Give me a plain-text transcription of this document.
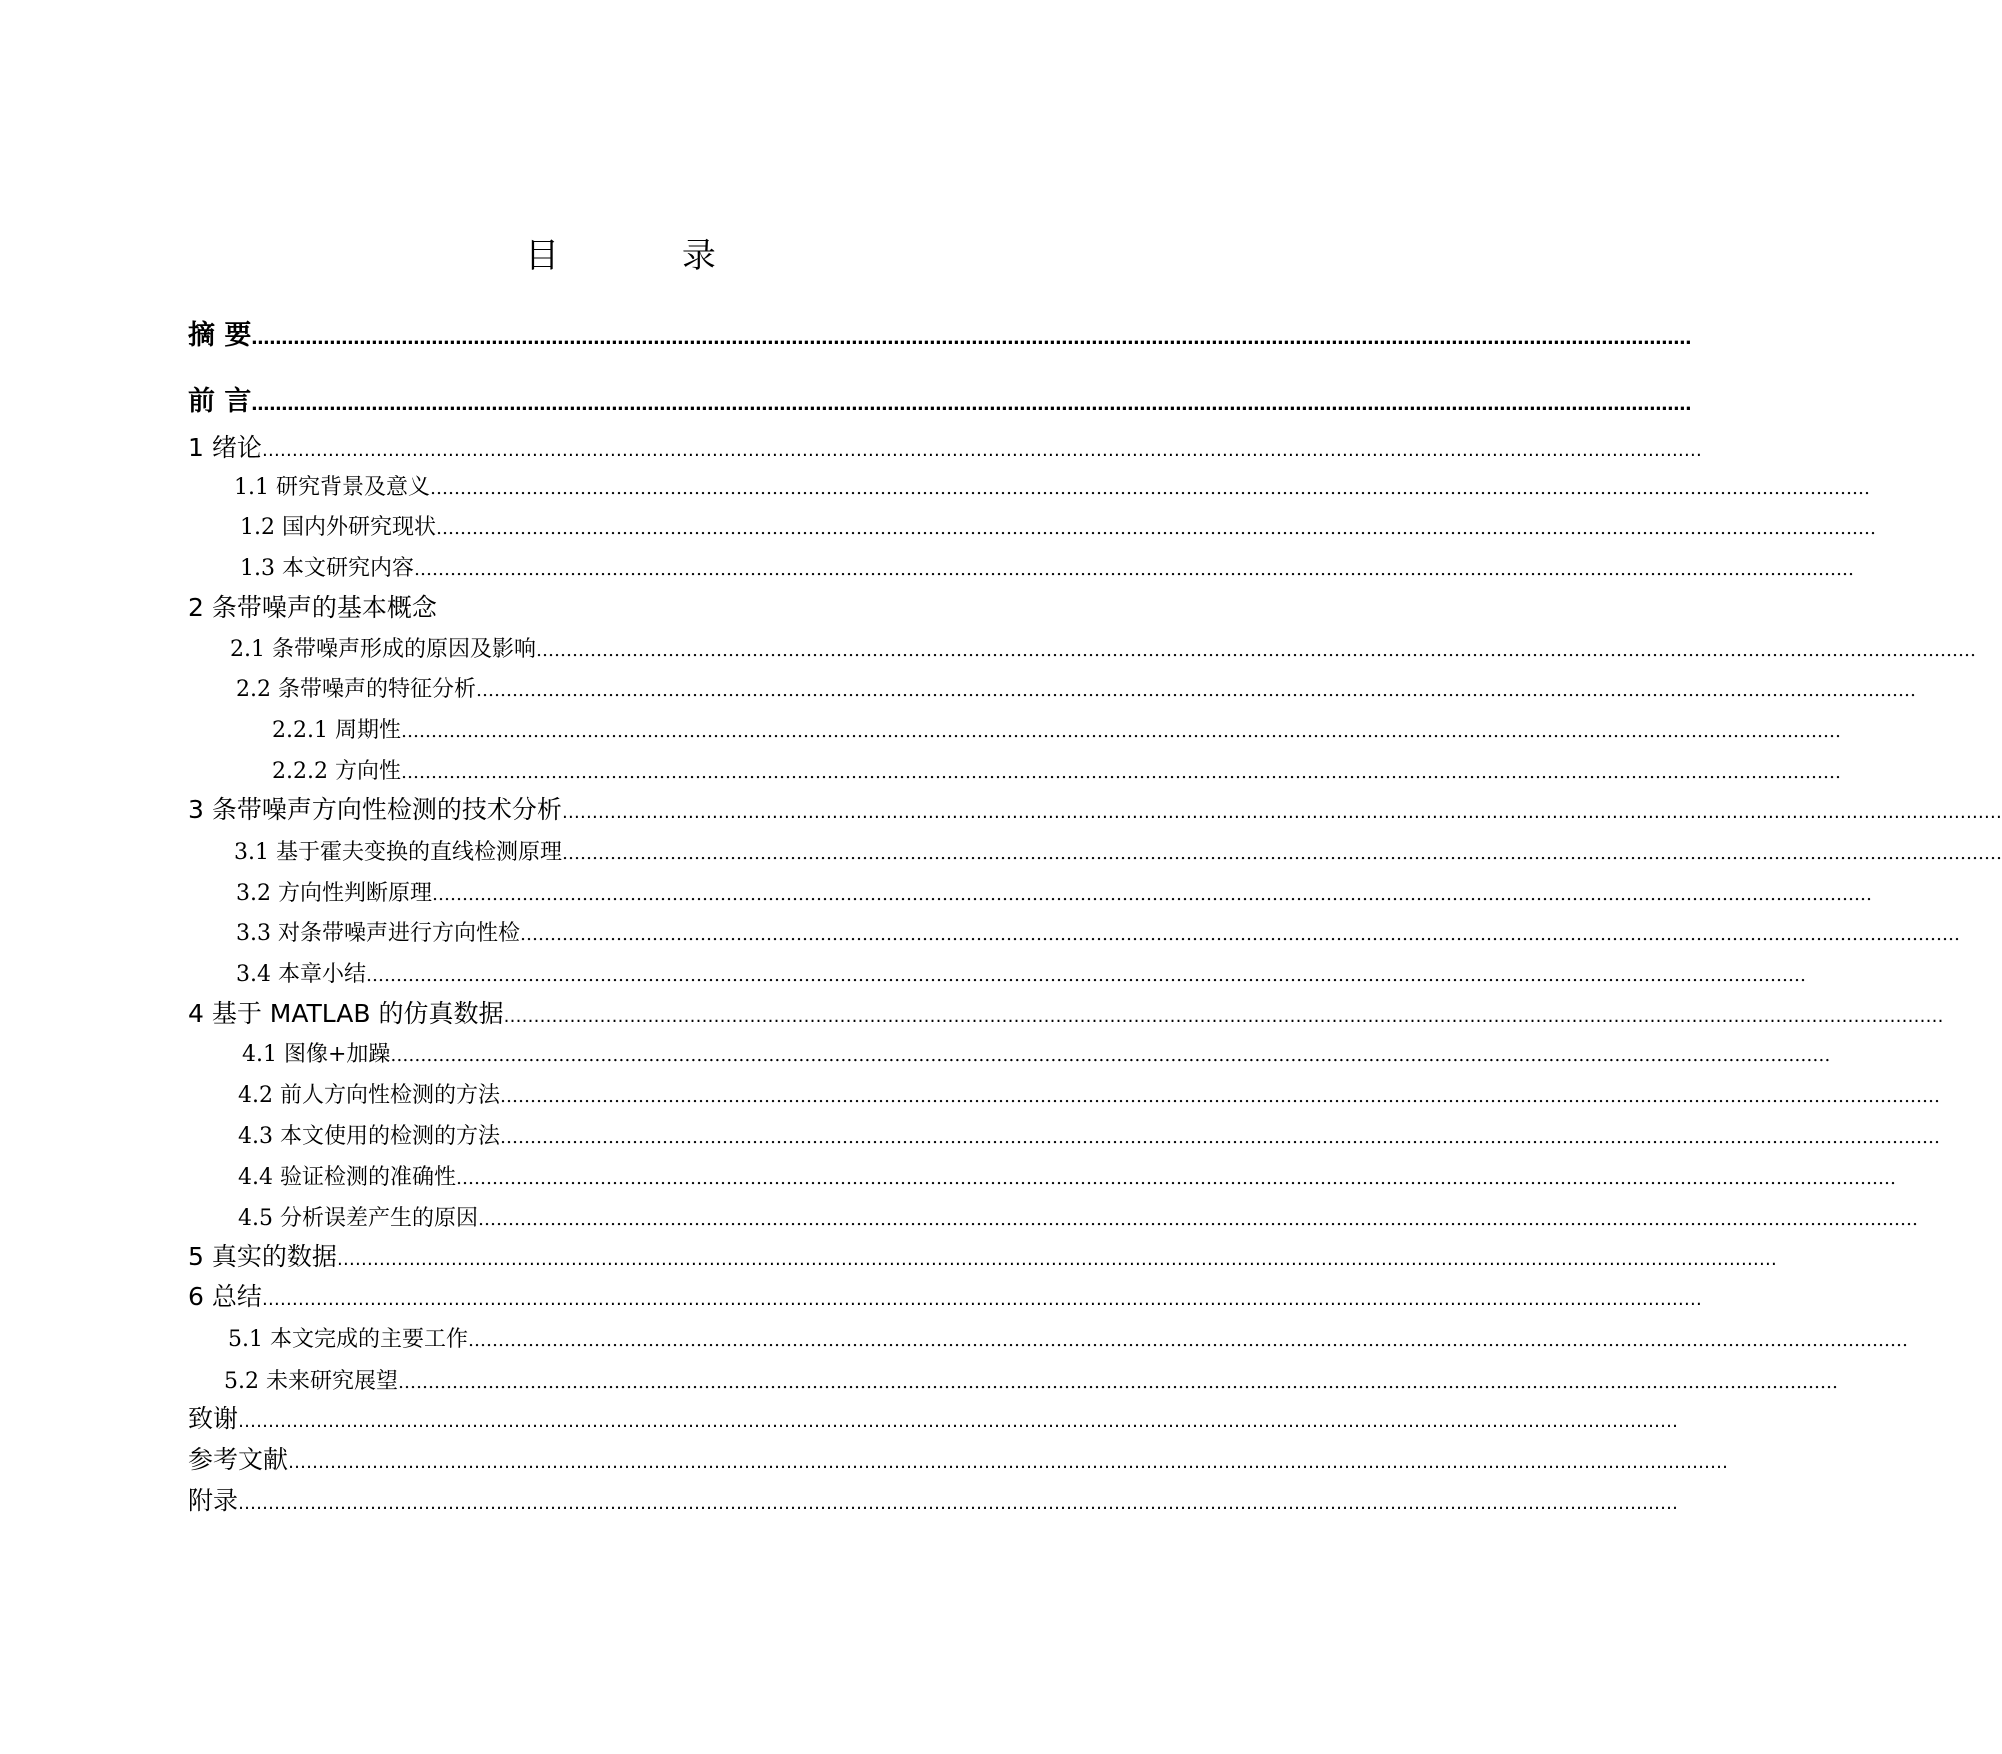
目 录
摘 要 ……………………………………………………………………………………………………………………………………………………………………………………………………………………
前 言 ……………………………………………………………………………………………………………………………………………………………………………………………………………………
1 绪论 ……………………………………………………………………………………………………………………………………………………………………………………………………………………
1.1 研究背景及意义 ……………………………………………………………………………………………………………………………………………………………………………………………………………………
1.2 国内外研究现状 ……………………………………………………………………………………………………………………………………………………………………………………………………………………
1.3 本文研究内容 ……………………………………………………………………………………………………………………………………………………………………………………………………………………
2 条带噪声的基本概念
2.1 条带噪声形成的原因及影响 ……………………………………………………………………………………………………………………………………………………………………………………………………………………
2.2 条带噪声的特征分析 ……………………………………………………………………………………………………………………………………………………………………………………………………………………
2.2.1 周期性 ……………………………………………………………………………………………………………………………………………………………………………………………………………………
2.2.2 方向性 ……………………………………………………………………………………………………………………………………………………………………………………………………………………
3 条带噪声方向性检测的技术分析 ……………………………………………………………………………………………………………………………………………………………………………………………………………………
3.1 基于霍夫变换的直线检测原理 ……………………………………………………………………………………………………………………………………………………………………………………………………………………
3.2 方向性判断原理 ……………………………………………………………………………………………………………………………………………………………………………………………………………………
3.3 对条带噪声进行方向性检 ……………………………………………………………………………………………………………………………………………………………………………………………………………………
3.4 本章小结 ……………………………………………………………………………………………………………………………………………………………………………………………………………………
4 基于 MATLAB 的仿真数据 ……………………………………………………………………………………………………………………………………………………………………………………………………………………
4.1 图像+加躁 ……………………………………………………………………………………………………………………………………………………………………………………………………………………
4.2 前人方向性检测的方法 ……………………………………………………………………………………………………………………………………………………………………………………………………………………
4.3 本文使用的检测的方法 ……………………………………………………………………………………………………………………………………………………………………………………………………………………
4.4 验证检测的准确性 ……………………………………………………………………………………………………………………………………………………………………………………………………………………
4.5 分析误差产生的原因 ……………………………………………………………………………………………………………………………………………………………………………………………………………………
5 真实的数据 ……………………………………………………………………………………………………………………………………………………………………………………………………………………
6 总结 ……………………………………………………………………………………………………………………………………………………………………………………………………………………
5.1 本文完成的主要工作 ……………………………………………………………………………………………………………………………………………………………………………………………………………………
5.2 未来研究展望 ……………………………………………………………………………………………………………………………………………………………………………………………………………………
致谢 ……………………………………………………………………………………………………………………………………………………………………………………………………………………
参考文献 ……………………………………………………………………………………………………………………………………………………………………………………………………………………
附录 ……………………………………………………………………………………………………………………………………………………………………………………………………………………
